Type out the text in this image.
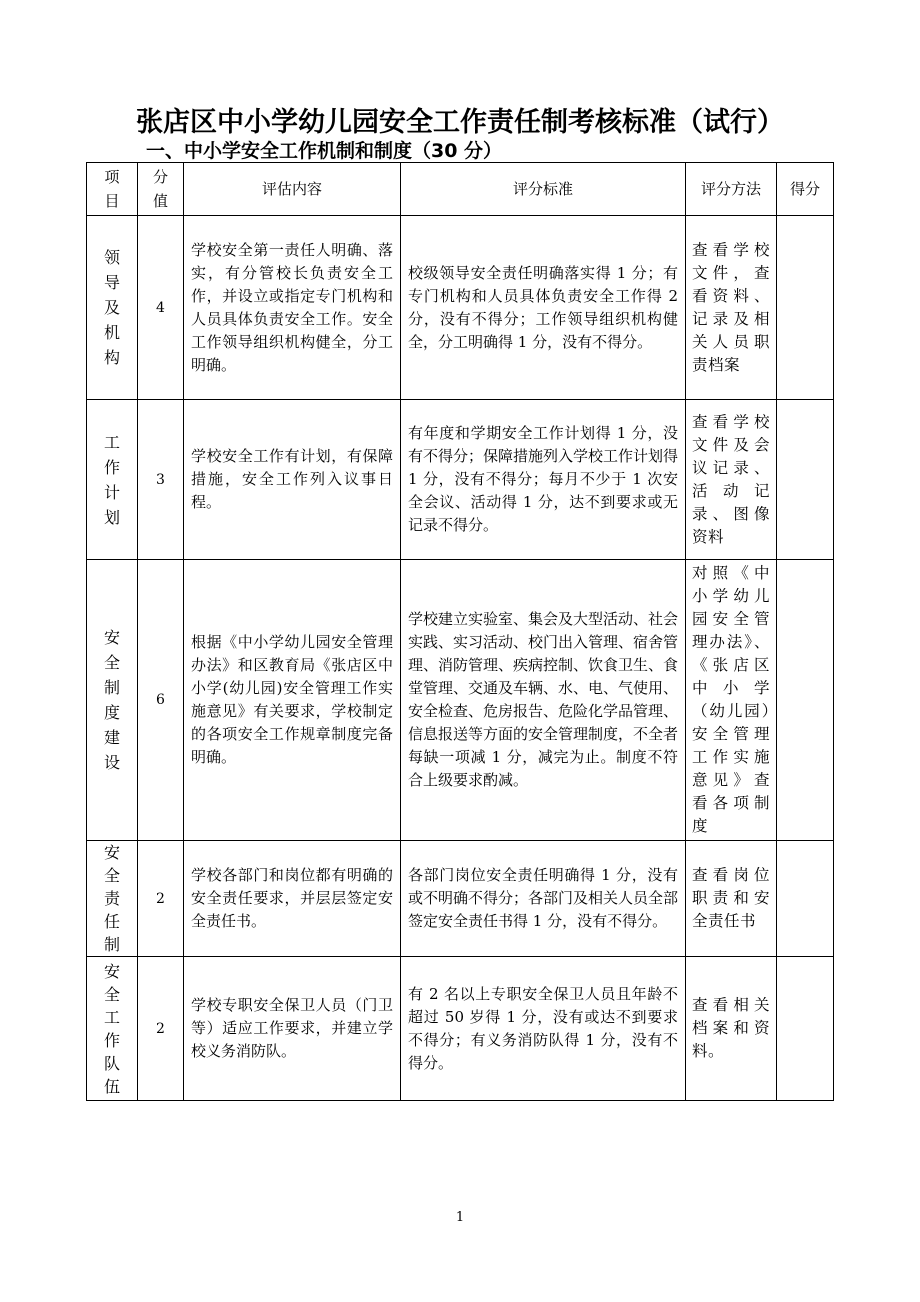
张店区中小学幼儿园安全工作责任制考核标准（试行）
一、中小学安全工作机制和制度（30 分）
项目	分值	评估内容	评分标准	评分方法	得分

领导及机构	4	学校安全第一责任人明确、落实，有分管校长负责安全工作，并设立或指定专门机构和人员具体负责安全工作。安全工作领导组织机构健全，分工明确。	校级领导安全责任明确落实得 1 分；有专门机构和人员具体负责安全工作得 2 分，没有不得分；工作领导组织机构健全，分工明确得 1 分，没有不得分。	查看学校文件，查看资料、记录及相关人员职责档案	

工作计划	3	学校安全工作有计划，有保障措施，安全工作列入议事日程。	有年度和学期安全工作计划得 1 分，没有不得分；保障措施列入学校工作计划得 1 分，没有不得分；每月不少于 1 次安全会议、活动得 1 分，达不到要求或无记录不得分。	查看学校文件及会议记录、活动记录、图像资料	

安全制度建设	6	根据《中小学幼儿园安全管理办法》和区教育局《张店区中小学(幼儿园)安全管理工作实施意见》有关要求，学校制定的各项安全工作规章制度完备明确。	学校建立实验室、集会及大型活动、社会实践、实习活动、校门出入管理、宿舍管理、消防管理、疾病控制、饮食卫生、食堂管理、交通及车辆、水、电、气使用、安全检查、危房报告、危险化学品管理、信息报送等方面的安全管理制度，不全者每缺一项减 1 分，减完为止。制度不符合上级要求酌减。	对照《中小学幼儿园安全管理办法》、《张店区中小学（幼儿园）安全管理工作实施意见》查看各项制度	

安全责任制	2	学校各部门和岗位都有明确的安全责任要求，并层层签定安全责任书。	各部门岗位安全责任明确得 1 分，没有或不明确不得分；各部门及相关人员全部签定安全责任书得 1 分，没有不得分。	查看岗位职责和安全责任书	

安全工作队伍	2	学校专职安全保卫人员（门卫等）适应工作要求，并建立学校义务消防队。	有 2 名以上专职安全保卫人员且年龄不超过 50 岁得 1 分，没有或达不到要求不得分；有义务消防队得 1 分，没有不得分。	查看相关档案和资料。	
1
